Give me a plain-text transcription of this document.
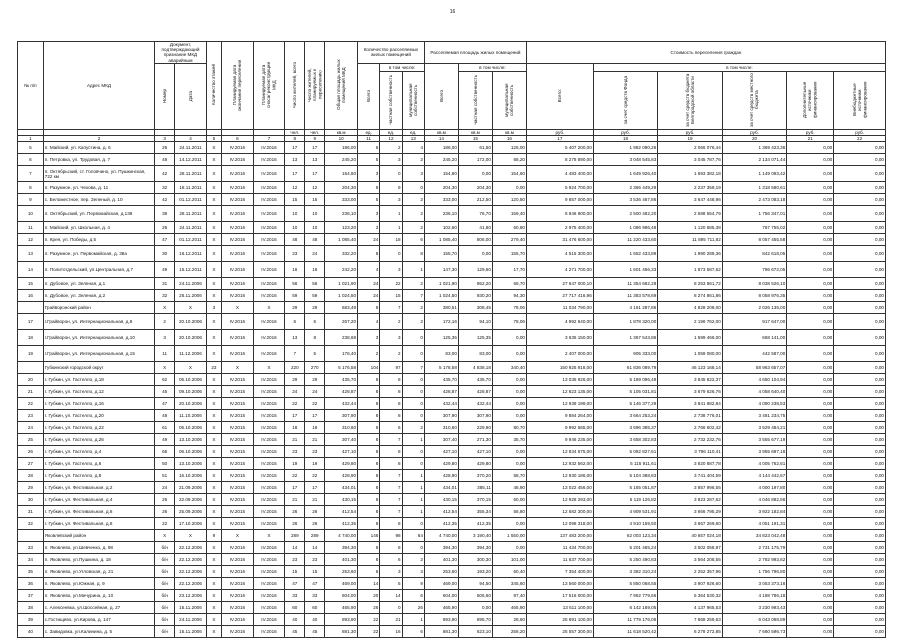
16
№ п/п	Адрес МКД	Документ, подтверждающий признание МКД аварийным		Количество этажей	Планируемая дата окончания переселения	Планируемая дата сноса/ реконструкции МКД	Число жителей, всего	Число жителей, планируемых к переселению	Общая площадь жилых помещений МКД	Количество расселяемых жилых помещений			Расселяемая площадь жилых помещений			Стоимость переселения граждан					
		Номер	Дата							Всего	в том числе:		Всего	в том числе:		Всего:	в том числе:				
											частная собственность	муниципальная собственность		частная собственность	муниципальная собственность		за счет средств Фонда	за счет средств бюджета Белгородской области	за счет средств местного бюджета	Дополнительные источники финансирования	Внебюджетные источники финансирования
							чел.	чел.	кв.м	ед.	ед.	ед.	кв.м	кв.м	кв.м	руб.	руб.	руб.	руб.	руб.	руб.
1	2	3	4	5	6	7	8	9	10	11	12	13	14	15	16	17	18	19	20	21	22
5	п. Майский, ул. Капустина, д. 6	26	24.11.2011	X	IV.2016	IV.2016	17	17	186,00	6	2	4	186,00	61,50	125,00	5 407 200,00	1 982 090,26	2 066 076,44	1 369 423,36	0,00	0,00
6	п. Петровка, ул. Трудовая, д. 7	48	14.12.2011	X	IV.2016	IV.2016	13	13	245,20	5	3	2	245,20	172,00	68,20	8 278 890,00	3 048 545,83	3 045 787,76	2 134 071,44	0,00	0,00
7	п. Октябрьский, ст. Головчино, ул. Пушкинская, 722 км	42	28.11.2011	X	IV.2016	IV.2016	17	17	154,60	3	0	3	154,60	0,00	154,60	4 483 400,00	1 649 926,40	1 693 382,18	1 149 093,42	0,00	0,00
8	п. Разумное, ул. Чехова, д. 11	32	18.11.2011	X	IV.2016	IV.2016	12	12	204,30	9	9	0	204,30	204,30	0,00	5 924 700,00	2 366 449,29	2 237 359,19	1 318 580,61	0,00	0,00
9	с. Беломестное, пер. Зеленый, д. 10	42	01.12.2011	X	IV.2016	IV.2016	15	15	333,00	5	3	2	333,00	212,50	120,50	9 657 000,00	3 536 467,86	3 647 448,96	2 473 083,18	0,00	0,00
10	п. Октябрьский, ул. Первомайская, д.138	39	28.11.2011	X	IV.2016	IV.2016	10	10	236,10	3	1	2	236,10	76,70	159,40	6 846 900,00	2 500 482,20	2 588 554,79	1 756 347,01	0,00	0,00
11	п. Майский, ул. Школьная, д. 4	26	24.11.2011	X	IV.2016	IV.2016	10	10	123,20	3	1	2	102,60	41,80	60,80	2 975 400,00	1 086 996,48	1 120 685,38	767 755,02	0,00	0,00
12	п. Крея, ул. Победы, д.5	47	01.12.2011	X	IV.2016	IV.2016	48	48	1 085,40	24	18	6	1 085,40	806,00	279,40	31 476 600,00	11 220 433,60	11 895 711,82	8 057 455,58	0,00	0,00
13	п. Разумное, ул. Первомайская, д. 38a	30	16.12.2011	X	IV.2016	IV.2016	23	24	332,20	8	0	8	155,70	0,00	155,70	4 515 300,00	1 652 433,89	1 990 289,36	842 618,05	0,00	0,00
14	п. Политотдельский, ул.Центральная, д.7	49	15.12.2011	X	IV.2016	IV.2016	16	18	242,20	4	3	1	147,30	129,60	17,70	4 271 700,00	1 601 466,33	1 873 587,62	796 672,05	0,00	0,00
15	п. Дубовое, ул. Зеленая, д.1	31	24.11.2006	X	IV.2016	IV.2016	56	56	1 021,90	24	22	2	1 021,90	952,20	69,70	27 647 000,10	11 354 682,28	8 253 861,72	8 038 526,10	0,00	0,00
16	п. Дубовое, ул. Зеленая, д.2	32	25.11.2006	X	IV.2016	IV.2016	59	59	1 024,50	24	15	7	1 024,50	930,20	94,30	27 717 416,96	11 383 578,69	8 274 861,86	8 058 976,35	0,00	0,00
	Грайворонский район	X	X	3	X	X	29	29	683,49	9	7	2	380,51	308,45	78,06	11 034 790,00	4 161 287,86	4 828 208,00	2 026 135,00	0,00	0,00
17	г.Грайворон, ул. Интернациональная, д.8	2	20.10.2006	X	IV.2016	IV.2016	6	6	267,20	4	2	2	172,16	94,10	78,06	4 992 640,00	1 878 320,00	2 196 762,00	917 647,00	0,00	0,00
18	г.Грайворон, ул. Интернациональная, д.10	3	20.10.2006	X	IV.2016	IV.2016	13	8	238,69	3	3	0	125,35	125,35	0,00	3 635 150,00	1 367 543,86	1 599 466,00	668 141,00	0,00	0,00
19	г.Грайворон, ул. Интернациональная, д.15	11	11.12.2006	X	IV.2016	IV.2016	7	5	176,40	2	2	0	83,00	83,00	0,00	2 407 000,00	905 333,00	1 059 080,00	442 587,00	0,00	0,00
	Губкинский городской округ	X	X	23	X	X	220	270	5 176,58	104	97	7	5 178,58	4 838,18	340,40	150 925 918,00	61 836 089,79	46 123 168,14	58 963 657,07	0,00	0,00
20	г. Губкин, ул. Гастелло, д.18	62	05.10.2006	X	IV.2015	IV.2015	29	29	435,70	8	8	0	435,70	435,70	0,00	13 035 926,00	5 189 096,49	3 845 822,37	4 650 104,94	0,00	0,00
21	г. Губкин, ул. Гастелло, д.12	45	09.10.2006	X	IV.2015	IV.2015	24	24	428,87	8	8	0	428,87	428,87	0,00	12 823 135,00	5 105 031,81	3 679 626,76	4 058 640,40	0,00	0,00
22	г. Губкин, ул. Гастелло, д.16	47	20.10.2006	X	IV.2015	IV.2015	22	22	432,44	8	8	0	432,44	432,44	0,00	12 939 199,00	5 146 377,29	3 841 982,84	4 090 238,53	0,00	0,00
23	г. Губкин, ул. Гастелло, д.20	48	11.10.2006	X	IV.2015	IV.2015	17	17	307,90	8	8	0	307,90	307,90	0,00	9 884 264,00	3 664 253,24	2 738 776,01	3 481 234,75	0,00	0,00
24	г. Губкин, ул. Гастелло, д.22	61	05.10.2006	X	IV.2015	IV.2015	18	18	310,60	8	6	2	310,60	229,90	80,70	9 992 565,00	3 696 385,37	2 766 602,42	3 529 484,21	0,00	0,00
25	г. Губкин, ул. Гастелло, д.26	49	13.10.2006	X	IV.2015	IV.2015	21	21	307,40	8	7	1	307,40	271,30	35,70	9 946 235,00	3 658 302,83	2 732 232,76	3 555 677,19	0,00	0,00
26	г. Губкин, ул. Гастелло, д.4	65	06.10.2006	X	IV.2015	IV.2015	23	23	427,10	8	8	0	427,10	427,10	0,00	12 834 675,00	5 082 827,61	3 796 110,41	3 955 697,18	0,00	0,00
27	г. Губкин, ул. Гастелло, д.6	50	13.10.2006	X	IV.2015	IV.2015	19	19	429,80	8	8	0	429,80	429,80	0,00	12 932 562,00	5 115 911,61	3 820 887,78	4 005 762,61	0,00	0,00
28	г. Губкин, ул. Гастелло, д.8	51	16.10.2006	X	IV.2015	IV.2015	22	22	428,90	8	7	1	428,90	370,20	58,70	12 930 186,00	5 104 388,83	3 741 404,59	4 144 442,67	0,00	0,00
29	г. Губкин, ул. Фестивальная, д.2	24	21.09.2006	X	IV.2015	IV.2015	17	17	434,01	8	7	1	434,01	385,11	48,90	13 022 456,00	5 165 051,87	3 857 996,55	4 000 197,80	0,00	0,00
30	г. Губкин, ул. Фестивальная, д.4	26	22.09.2006	X	IV.2015	IV.2015	21	21	430,15	8	7	1	430,15	370,15	60,00	12 928 293,00	5 119 126,82	3 823 287,62	4 046 882,56	0,00	0,00
31	г. Губкин, ул. Фестивальная, д.6	26	25.09.2006	X	IV.2015	IV.2015	26	26	412,54	8	7	1	412,54	355,34	56,80	12 582 300,00	4 909 531,91	3 666 795,29	3 922 182,84	0,00	0,00
32	г. Губкин, ул. Фестивальная, д.8	22	17.10.2006	X	IV.2015	IV.2015	26	26	412,35	8	8	0	412,35	412,35	0,00	12 098 318,00	4 910 159,50	3 667 269,60	4 051 191,31	0,00	0,00
	Яковлевский район	X	X	9	X	X	289	289	4 740,00	146	98	64	4 740,00	3 190,40	1 550,00	137 483 200,00	62 003 123,34	40 657 024,18	34 823 042,48	0,00	0,00
33	п. Яковлево, ул.Шевченко, д. 98	б/н	22.12.2006	X	IV.2016	IV.2016	14	14	394,30	8	8	0	394,30	394,30	0,00	11 434 700,00	5 201 465,24	3 502 058,97	2 731 175,79	0,00	0,00
34	п. Яковлево, ул.Пушкина, д. 18	б/н	22.12.2006	X	IV.2016	IV.2016	23	23	401,30	8	6	2	401,30	300,30	101,00	11 637 700,00	5 250 490,83	3 564 208,55	2 782 993,62	0,00	0,00
35	п. Яковлево, ул.Угловская, д. 21	б/н	22.12.2006	X	IV.2016	IV.2016	15	15	253,60	6	3	3	253,60	193,20	60,40	7 354 400,00	3 382 310,24	2 252 357,96	1 756 796,80	0,00	0,00
36	п. Яковлево, ул.Южная, д. 9	б/н	22.12.2006	X	IV.2016	IV.2016	47	47	469,00	14	5	9	469,00	94,50	345,60	13 560 000,00	5 850 068,55	3 907 926,60	3 053 373,16	0,00	0,00
37	п. Яковлево, ул.Мичурина, д. 10	б/н	23.12.2006	X	IV.2016	IV.2016	33	33	604,00	20	14	6	604,00	506,60	97,40	17 516 000,00	7 962 779,66	5 364 530,32	4 188 786,18	0,00	0,00
38	с. Алексеевка, ул.Шоссейная, д. 27	б/н	15.11.2006	X	IV.2016	IV.2016	60	60	465,90	26	0	26	465,90	0,00	465,90	13 511 100,00	6 142 169,05	4 137 965,53	3 230 993,43	0,00	0,00
39	с.Гостищево, ул.Кирова, д. 147	б/н	24.11.2006	X	IV.2016	IV.2016	40	40	893,90	22	21	1	893,90	895,70	28,60	25 691 100,00	11 779 176,06	7 868 259,63	6 043 068,89	0,00	0,00
40	с. Завидовка, ул.Калинина, д. 5	б/н	15.11.2006	X	IV.2016	IV.2016	45	45	881,30	22	16	6	881,30	623,10	258,20	25 557 300,00	11 618 520,42	6 278 272,85	7 660 596,73	0,00	0,00
